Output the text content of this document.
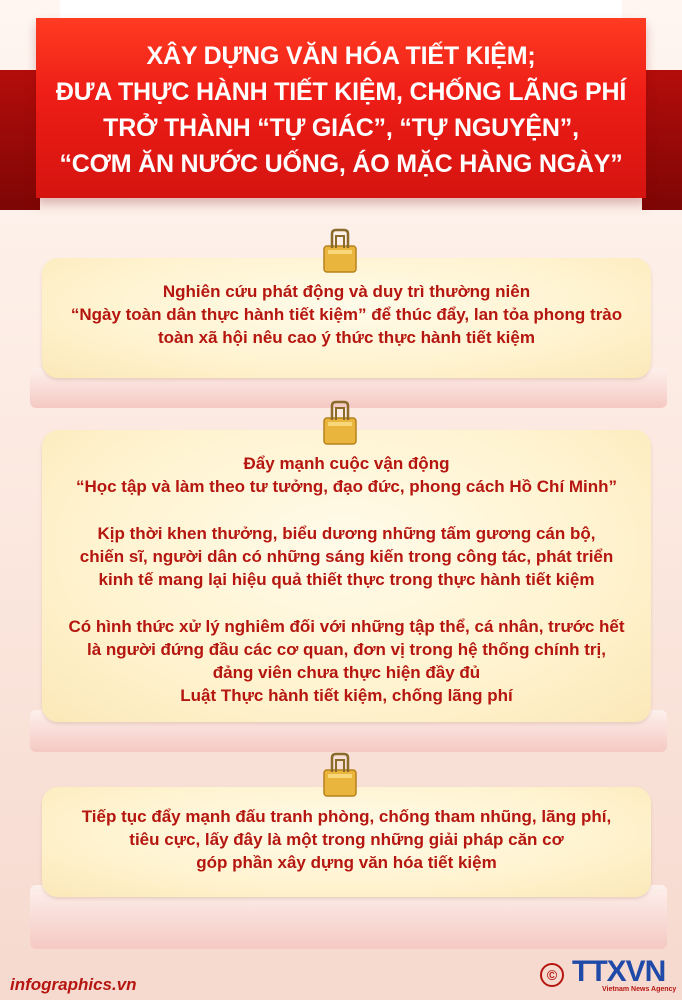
XÂY DỰNG VĂN HÓA TIẾT KIỆM;
ĐƯA THỰC HÀNH TIẾT KIỆM, CHỐNG LÃNG PHÍ
TRỞ THÀNH “TỰ GIÁC”, “TỰ NGUYỆN”,
“CƠM ĂN NƯỚC UỐNG, ÁO MẶC HÀNG NGÀY”

Nghiên cứu phát động và duy trì thường niên

“Ngày toàn dân thực hành tiết kiệm” để thúc đẩy, lan tỏa phong trào

toàn xã hội nêu cao ý thức thực hành tiết kiệm

Đẩy mạnh cuộc vận động

“Học tập và làm theo tư tưởng, đạo đức, phong cách Hồ Chí Minh”

Kịp thời khen thưởng, biểu dương những tấm gương cán bộ,

chiến sĩ, người dân có những sáng kiến trong công tác, phát triển

kinh tế mang lại hiệu quả thiết thực trong thực hành tiết kiệm

Có hình thức xử lý nghiêm đối với những tập thể, cá nhân, trước hết

là người đứng đầu các cơ quan, đơn vị trong hệ thống chính trị,

đảng viên chưa thực hiện đầy đủ

Luật Thực hành tiết kiệm, chống lãng phí

Tiếp tục đẩy mạnh đấu tranh phòng, chống tham nhũng, lãng phí,

tiêu cực, lấy đây là một trong những giải pháp căn cơ

góp phần xây dựng văn hóa tiết kiệm

infographics.vn	© TTXVN
Vietnam News Agency
